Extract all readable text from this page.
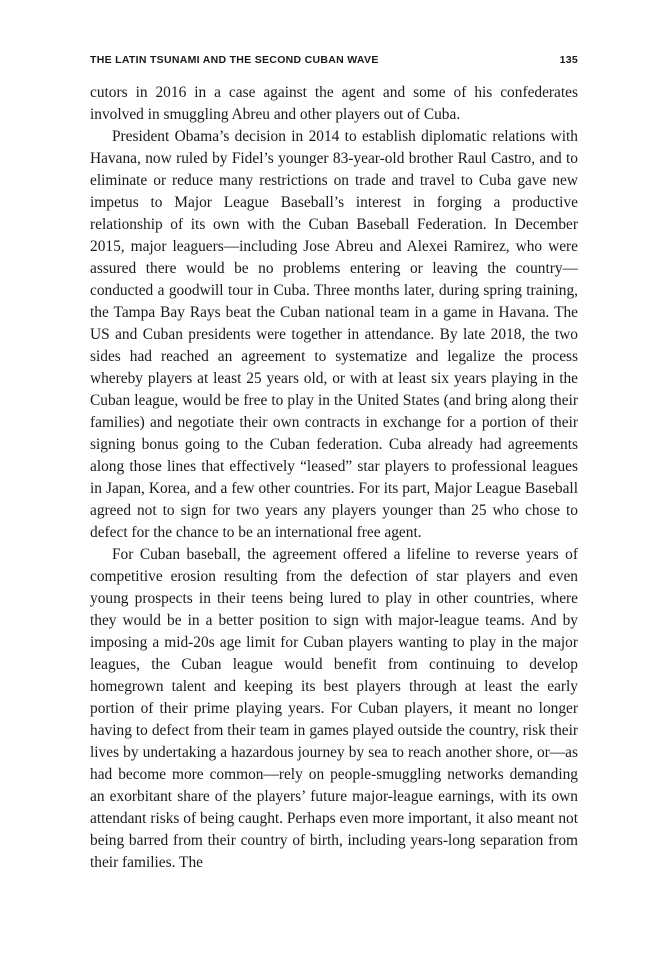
THE LATIN TSUNAMI AND THE SECOND CUBAN WAVE	135

cutors in 2016 in a case against the agent and some of his confederates involved in smuggling Abreu and other players out of Cuba.

President Obama’s decision in 2014 to establish diplomatic relations with Havana, now ruled by Fidel’s younger 83-year-old brother Raul Castro, and to eliminate or reduce many restrictions on trade and travel to Cuba gave new impetus to Major League Baseball’s interest in forging a productive relationship of its own with the Cuban Baseball Federation. In December 2015, major leaguers—including Jose Abreu and Alexei Ramirez, who were assured there would be no problems entering or leaving the country—conducted a goodwill tour in Cuba. Three months later, during spring training, the Tampa Bay Rays beat the Cuban national team in a game in Havana. The US and Cuban presidents were together in attendance. By late 2018, the two sides had reached an agreement to systematize and legalize the process whereby players at least 25 years old, or with at least six years playing in the Cuban league, would be free to play in the United States (and bring along their families) and negotiate their own contracts in exchange for a portion of their signing bonus going to the Cuban federation. Cuba already had agreements along those lines that effectively “leased” star players to professional leagues in Japan, Korea, and a few other countries. For its part, Major League Baseball agreed not to sign for two years any players younger than 25 who chose to defect for the chance to be an international free agent.

For Cuban baseball, the agreement offered a lifeline to reverse years of competitive erosion resulting from the defection of star players and even young prospects in their teens being lured to play in other countries, where they would be in a better position to sign with major-league teams. And by imposing a mid-20s age limit for Cuban players wanting to play in the major leagues, the Cuban league would benefit from continuing to develop homegrown talent and keeping its best players through at least the early portion of their prime playing years. For Cuban players, it meant no longer having to defect from their team in games played outside the country, risk their lives by undertaking a hazardous journey by sea to reach another shore, or—as had become more common—rely on people-smuggling networks demanding an exorbitant share of the players’ future major-league earnings, with its own attendant risks of being caught. Perhaps even more important, it also meant not being barred from their country of birth, including years-long separation from their families. The
